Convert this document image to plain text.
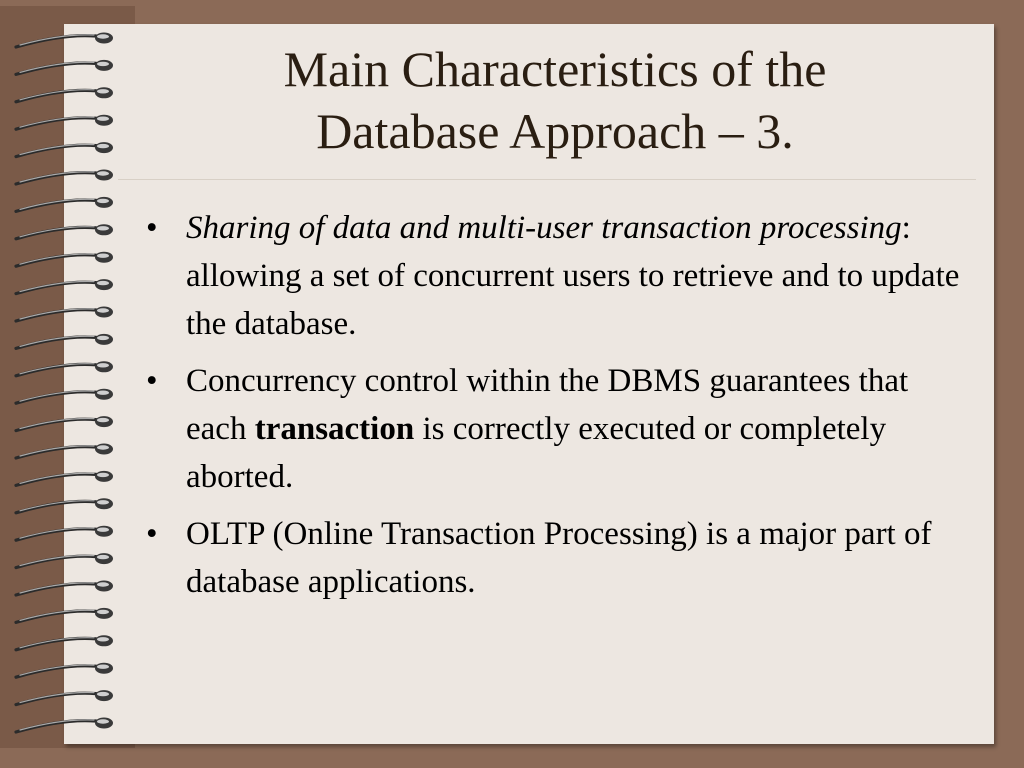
Main Characteristics of the
Database Approach – 3.
• Sharing of data and multi-user transaction processing: allowing a set of concurrent users to retrieve and to update the database.
• Concurrency control within the DBMS guarantees that each transaction is correctly executed or completely aborted.
• OLTP (Online Transaction Processing) is a major part of database applications.
